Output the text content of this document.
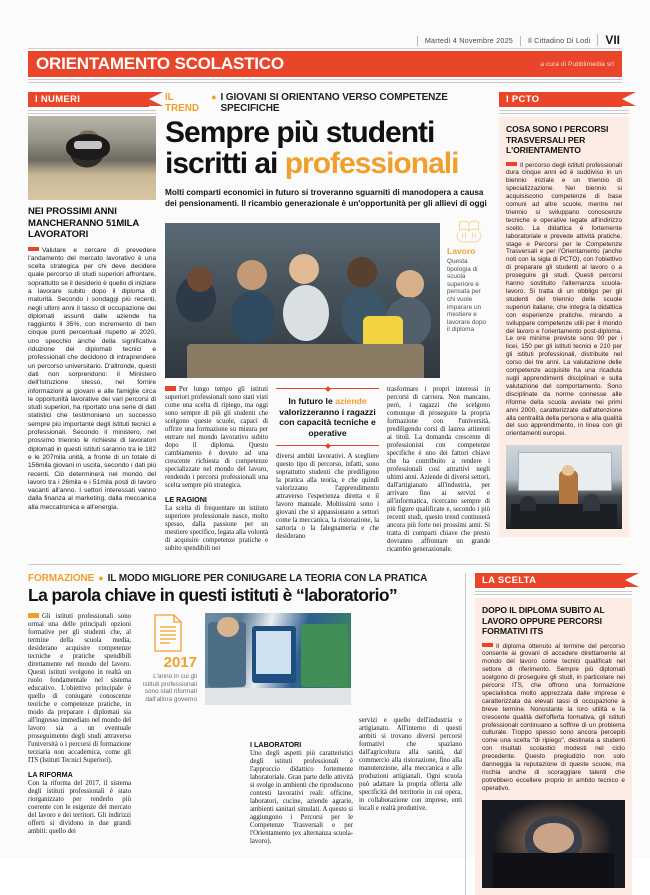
Martedì 4 Novembre 2025	Il Cittadino Di Lodi	VII
ORIENTAMENTO SCOLASTICO	a cura di Pubblimedia srl
I NUMERI
NEI PROSSIMI ANNI MANCHERANNO 51MILA LAVORATORI
Valutare e cercare di prevedere l'andamento del mercato lavorativo è una scelta strategica per chi deve decidere quale percorso di studi superiori affrontare, soprattutto se il desiderio è quello di iniziare a lavorare subito dopo il diploma di maturità. Secondo i sondaggi più recenti, negli ultimi anni il tasso di occupazione dei diplomati assunti dalle aziende ha raggiunto il 35%, con incremento di ben cinque punti percentuali rispetto al 2020, uno specchio anche della significativa riduzione dei diplomati tecnici e professionali che decidono di intraprendere un percorso universitario. D'altronde, questi dati non sorprendono: il Ministero dell'Istruzione stesso, nel fornire informazioni ai giovani e alle famiglie circa le opportunità lavorative dei vari percorsi di studi superiori, ha riportato una serie di dati statistici che testimoniano un successo sempre più importante degli istituti tecnici e professionali. Secondo il ministero, nel prossimo triennio le richieste di lavoratori diplomati in questi istituti saranno tra le 182 e le 207mila unità, a fronte di un totale di 156mila giovani in uscita, secondo i dati più recenti. Ciò determinerà nel mondo del lavoro tra i 26mila e i 51mila posti di lavoro vacanti all'anno. I settori interessati vanno dalla finanza al marketing, dalla meccanica alla meccatronica e all'energia.
IL TREND
● I GIOVANI SI ORIENTANO VERSO COMPETENZE SPECIFICHE
Sempre più studenti
iscritti ai professionali
Molti comparti economici in futuro si troveranno sguarniti di manodopera a causa dei pensionamenti. Il ricambio generazionale è un'opportunità per gli allievi di oggi
Lavoro
Questa tipologia di scuola superiore è pensata per chi vuole imparare un mestiere e lavorare dopo il diploma
Per lungo tempo gli istituti superiori professionali sono stati visti come una scelta di ripiego, ma oggi sono sempre di più gli studenti che scelgono queste scuole, capaci di offrire una formazione su misura per entrare nel mondo lavorativo subito dopo il diploma. Questo cambiamento è dovuto ad una crescente richiesta di competenze specializzate nel mondo del lavoro, rendendo i percorsi professionali una scelta sempre più strategica.
LE RAGIONI
La scelta di frequentare un istituto superiore professionale nasce, molto spesso, dalla passione per un mestiere specifico, legata alla volontà di acquisire competenze pratiche e subito spendibili nei

In futuro le aziende
valorizzeranno i ragazzi con capacità tecniche e operative

diversi ambiti lavorativi. A scegliere questo tipo di percorso, infatti, sono soprattutto studenti che prediligono la pratica alla teoria, e che quindi valorizzano l'apprendimento attraverso l'esperienza diretta e il lavoro manuale. Moltissimi sono i giovani che si appassionano a settori come la meccanica, la ristorazione, la sartoria o la falegnameria e che desiderano
trasformare i propri interessi in percorsi di carriera. Non mancano, però, i ragazzi che scelgono comunque di proseguire la propria formazione con l'università, prediligendo corsi di laurea attinenti ai titoli. La domanda crescente di professionisti con competenze specifiche è uno dei fattori chiave che ha contribuito a rendere i professionali così attrattivi negli ultimi anni. Aziende di diversi settori, dall'artigianato all'industria, per arrivare fino ai servizi e all'informatica, ricercano sempre di più figure qualificate e, secondo i più recenti studi, questo trend continuerà ancora più forte nei prossimi anni. Si tratta di comparti chiave che presto dovranno affrontare un grande ricambio generazionale.
I PCTO
COSA SONO I PERCORSI TRASVERSALI PER L'ORIENTAMENTO
Il percorso degli istituti professionali dura cinque anni ed è suddiviso in un biennio iniziale e un triennio di specializzazione. Nel biennio si acquisiscono competenze di base comuni ad altre scuole, mentre nel triennio si sviluppano conoscenze tecniche e operative legate all'indirizzo scelto. La didattica è fortemente laboratoriale e prevede attività pratiche, stage e Percorsi per le Competenze Trasversali e per l'Orientamento (anche noti con la sigla di PCTO), con l'obiettivo di preparare gli studenti al lavoro o a proseguire gli studi. Questi percorsi hanno sostituito l'alternanza scuola-lavoro. Si tratta di un obbligo per gli studenti del triennio delle scuole superiori italiane, che integra la didattica con esperienze pratiche, mirando a sviluppare competenze utili per il mondo del lavoro e l'orientamento post-diploma. Le ore minime previste sono 90 per i licei, 150 per gli istituti tecnici e 210 per gli istituti professionali, distribuite nel corso dei tre anni. La valutazione delle competenze acquisite ha una ricaduta sugli apprendimenti disciplinari e sulla valutazione del comportamento. Sono disciplinate da norme connesse alle riforme della scuola avviate nei primi anni 2000, caratterizzate dall'attenzione alla centralità della persona e alla qualità del suo apprendimento, in linea con gli orientamenti europei.
FORMAZIONE ● IL MODO MIGLIORE PER CONIUGARE LA TEORIA CON LA PRATICA
La parola chiave in questi istituti è “laboratorio”
Gli istituti professionali sono ormai una delle principali opzioni formative per gli studenti che, al termine della scuola media, desiderano acquisire competenze tecniche e pratiche spendibili direttamente nel mondo del lavoro. Questi istituti svolgono in realtà un ruolo fondamentale nel sistema educativo. L'obiettivo principale è quello di coniugare conoscenze teoriche e competenze pratiche, in modo da preparare i diplomati sia all'ingresso immediato nel mondo del lavoro sia a un eventuale proseguimento degli studi attraverso l'università o i percorsi di formazione terziaria non accademica, come gli ITS (Istituti Tecnici Superiori).
LA RIFORMA
Con la riforma del 2017, il sistema degli istituti professionali è stato riorganizzato per renderlo più coerente con le esigenze del mercato del lavoro e dei territori. Gli indirizzi offerti si dividono in due grandi ambiti: quello dei
2017
L'anno in cui gli istituti professionali sono stati riformati dall'allora governo
servizi e quello dell'industria e artigianato. All'interno di questi ambiti si trovano diversi percorsi formativi che spaziano dall'agricoltura alla sanità, dal commercio alla ristorazione, fino alla manutenzione, alla meccanica e alle produzioni artigianali. Ogni scuola può adattare la propria offerta alle specificità del territorio in cui opera, in collaborazione con imprese, enti locali e realtà produttive.
I LABORATORI
Uno degli aspetti più caratteristici degli istituti professionali è l'approccio didattico fortemente laboratoriale. Gran parte delle attività si svolge in ambienti che riproducono contesti lavorativi reali: officine, laboratori, cucine, aziende agrarie, ambienti sanitari simulati. A questo si aggiungono i Percorsi per le Competenze Trasversali e per l'Orientamento (ex alternanza scuola-lavoro).
LA SCELTA
DOPO IL DIPLOMA SUBITO AL LAVORO OPPURE PERCORSI FORMATIVI ITS
Il diploma ottenuto al termine del percorso consente ai giovani di accedere direttamente al mondo del lavoro come tecnici qualificati nel settore di riferimento. Sempre più diplomati scelgono di proseguire gli studi, in particolare nei percorsi ITS, che offrono una formazione specialistica molto apprezzata dalle imprese e caratterizzata da elevati tassi di occupazione a breve termine. Nonostante la loro utilità e la crescente qualità dell'offerta formativa, gli istituti professionali continuano a soffrire di un problema culturale. Troppo spesso sono ancora percepiti come una scelta "di ripiego", destinata a studenti con risultati scolastici modesti nel ciclo precedente. Questo pregiudizio non solo danneggia la reputazione di queste scuole, ma rischia anche di scoraggiare talenti che potrebbero eccellere proprio in ambito tecnico e operativo.
